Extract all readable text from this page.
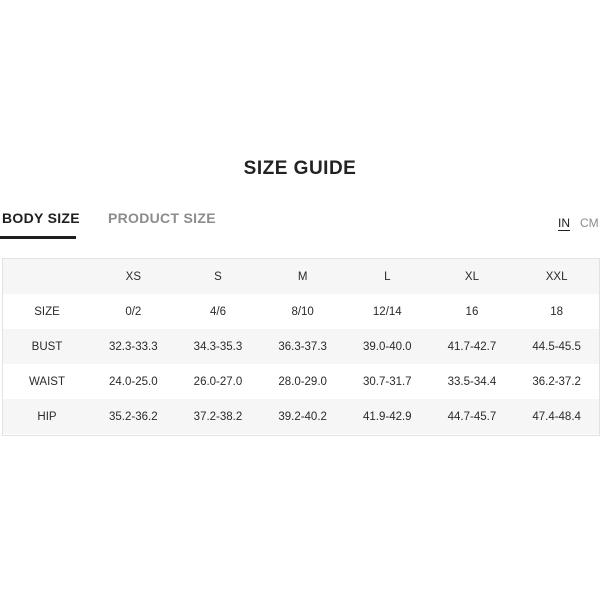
SIZE GUIDE
BODY SIZE PRODUCT SIZE	IN CM
	XS	S	M	L	XL	XXL
SIZE	0/2	4/6	8/10	12/14	16	18
BUST	32.3-33.3	34.3-35.3	36.3-37.3	39.0-40.0	41.7-42.7	44.5-45.5
WAIST	24.0-25.0	26.0-27.0	28.0-29.0	30.7-31.7	33.5-34.4	36.2-37.2
HIP	35.2-36.2	37.2-38.2	39.2-40.2	41.9-42.9	44.7-45.7	47.4-48.4
